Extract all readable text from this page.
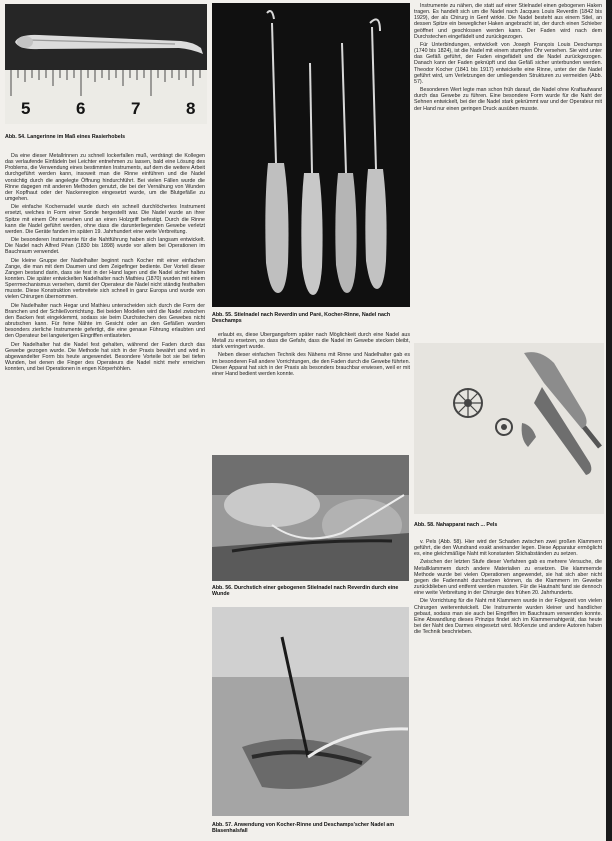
5	6	7	8
Abb. 54. Langerinne im Maß eines Rasierhobels

Da eine dieser Metallrinnen zu schnell lockerfallen muß, verdrängt die Kollegen das verlaufende Einfädeln bei Leichter entnehmen zu lassen, bald eine Lösung des Problems, die Verwendung eines bestimmten Instruments, auf dem die weitere Arbeit durchgeführt werden kann, insoweit man die Rinne einführen und die Nadel vorsichtig durch die angelegte Öffnung hindurchführt. Bei vielen Fällen wurde die Rinne dagegen mit anderen Methoden genutzt, die bei der Vernähung von Wunden der Kopfhaut oder der Nackenregion eingesetzt wurde, um die Blutgefäße zu umgehen.

Die einfache Kochernadel wurde durch ein schnell durchlöchertes Instrument ersetzt, welches in Form einer Sonde hergestellt war. Die Nadel wurde an ihrer Spitze mit einem Öhr versehen und an einen Holzgriff befestigt. Durch die Rinne kann die Nadel geführt werden, ohne dass die darunterliegenden Gewebe verletzt werden. Die Geräte fanden im späten 19. Jahrhundert eine weite Verbreitung.

Die besonderen Instrumente für die Nahtführung haben sich langsam entwickelt. Die Nadel nach Alfred Péan (1830 bis 1898) wurde vor allem bei Operationen im Bauchraum verwendet.

Die kleine Gruppe der Nadelhalter beginnt nach Kocher mit einer einfachen Zange, die man mit dem Daumen und dem Zeigefinger bediente. Der Vorteil dieser Zangen bestand darin, dass sie fest in der Hand lagen und die Nadel sicher halten konnten. Die später entwickelten Nadelhalter nach Mathieu (1870) wurden mit einem Sperrmechanismus versehen, damit der Operateur die Nadel nicht ständig festhalten musste. Diese Konstruktion verbreitete sich schnell in ganz Europa und wurde von vielen Chirurgen übernommen.

Die Nadelhalter nach Hegar und Mathieu unterscheiden sich durch die Form der Branchen und der Schließvorrichtung. Bei beiden Modellen wird die Nadel zwischen den Backen fest eingeklemmt, sodass sie beim Durchstechen des Gewebes nicht abrutschen kann. Für feine Nähte im Gesicht oder an den Gefäßen wurden besonders zierliche Instrumente gefertigt, die eine genaue Führung erlaubten und den Operateur bei langwierigen Eingriffen entlasteten.

Der Nadelhalter hat die Nadel fest gehalten, während der Faden durch das Gewebe gezogen wurde. Die Methode hat sich in der Praxis bewährt und wird in abgewandelter Form bis heute angewendet. Besondere Vorteile bot sie bei tiefen Wunden, bei denen die Finger des Operateurs die Nadel nicht mehr erreichen konnten, und bei Operationen in engen Körperhöhlen.

Abb. 55. Stielnadel nach Reverdin und Paré, Kocher-Rinne, Nadel nach Deschamps

erlaubt es, diese Übergangsform später nach Möglichkeit durch eine Nadel aus Metall zu ersetzen, so dass die Gefahr, dass die Nadel im Gewebe stecken bleibt, stark verringert wurde.

Neben dieser einfachen Technik des Nähens mit Rinne und Nadelhalter gab es im besonderen Fall andere Vorrichtungen, die den Faden durch die Gewebe führten. Dieser Apparat hat sich in der Praxis als besonders brauchbar erwiesen, weil er mit einer Hand bedient werden konnte.

Abb. 56. Durchstich einer gebogenen Stielnadel nach Reverdin durch eine Wunde
Abb. 57. Anwendung von Kocher-Rinne und Deschamps'scher Nadel am Blasenhalsfall

Instrumente zu nähen, die statt auf einer Stielnadel einen gebogenen Haken tragen. Es handelt sich um die Nadel nach Jacques Louis Reverdin (1842 bis 1929), der als Chirurg in Genf wirkte. Die Nadel besteht aus einem Stiel, an dessen Spitze ein beweglicher Haken angebracht ist, der durch einen Schieber geöffnet und geschlossen werden kann. Der Faden wird nach dem Durchstechen eingefädelt und zurückgezogen.

Für Unterbindungen, entwickelt von Joseph François Louis Deschamps (1740 bis 1824), ist die Nadel mit einem stumpfen Öhr versehen. Sie wird unter das Gefäß geführt, der Faden eingefädelt und die Nadel zurückgezogen. Danach kann der Faden geknüpft und das Gefäß sicher unterbunden werden. Theodor Kocher (1841 bis 1917) entwickelte eine Rinne, unter der die Nadel geführt wird, um Verletzungen der umliegenden Strukturen zu vermeiden (Abb. 57).

Besonderen Wert legte man schon früh darauf, die Nadel ohne Kraftaufwand durch das Gewebe zu führen. Eine besondere Form wurde für die Naht der Sehnen entwickelt, bei der die Nadel stark gekrümmt war und der Operateur mit der Hand nur einen geringen Druck ausüben musste.

Abb. 58. Nahapparat nach ... Pels

v. Pels (Abb. 58). Hier wird der Schaden zwischen zwei großen Klammern geführt, die den Wundrand exakt aneinander legen. Diese Apparatur ermöglicht es, eine gleichmäßige Naht mit konstanten Stichabständen zu setzen.

Zwischen der letzten Stufe dieser Verfahren gab es mehrere Versuche, die Metallklammern durch andere Materialien zu ersetzen. Die klammernde Methode wurde bei vielen Operationen angewendet, sie hat sich aber nicht gegen die Fadennaht durchsetzen können, da die Klammern im Gewebe zurückblieben und entfernt werden mussten. Für die Hautnaht fand sie dennoch eine weite Verbreitung in der Chirurgie des frühen 20. Jahrhunderts.

Die Vorrichtung für die Naht mit Klammern wurde in der Folgezeit von vielen Chirurgen weiterentwickelt. Die Instrumente wurden kleiner und handlicher gebaut, sodass man sie auch bei Eingriffen im Bauchraum verwenden konnte. Eine Abwandlung dieses Prinzips findet sich im Klammernahtgerät, das heute bei der Naht des Darmes eingesetzt wird. McKenzie und andere Autoren haben die Technik beschrieben.
